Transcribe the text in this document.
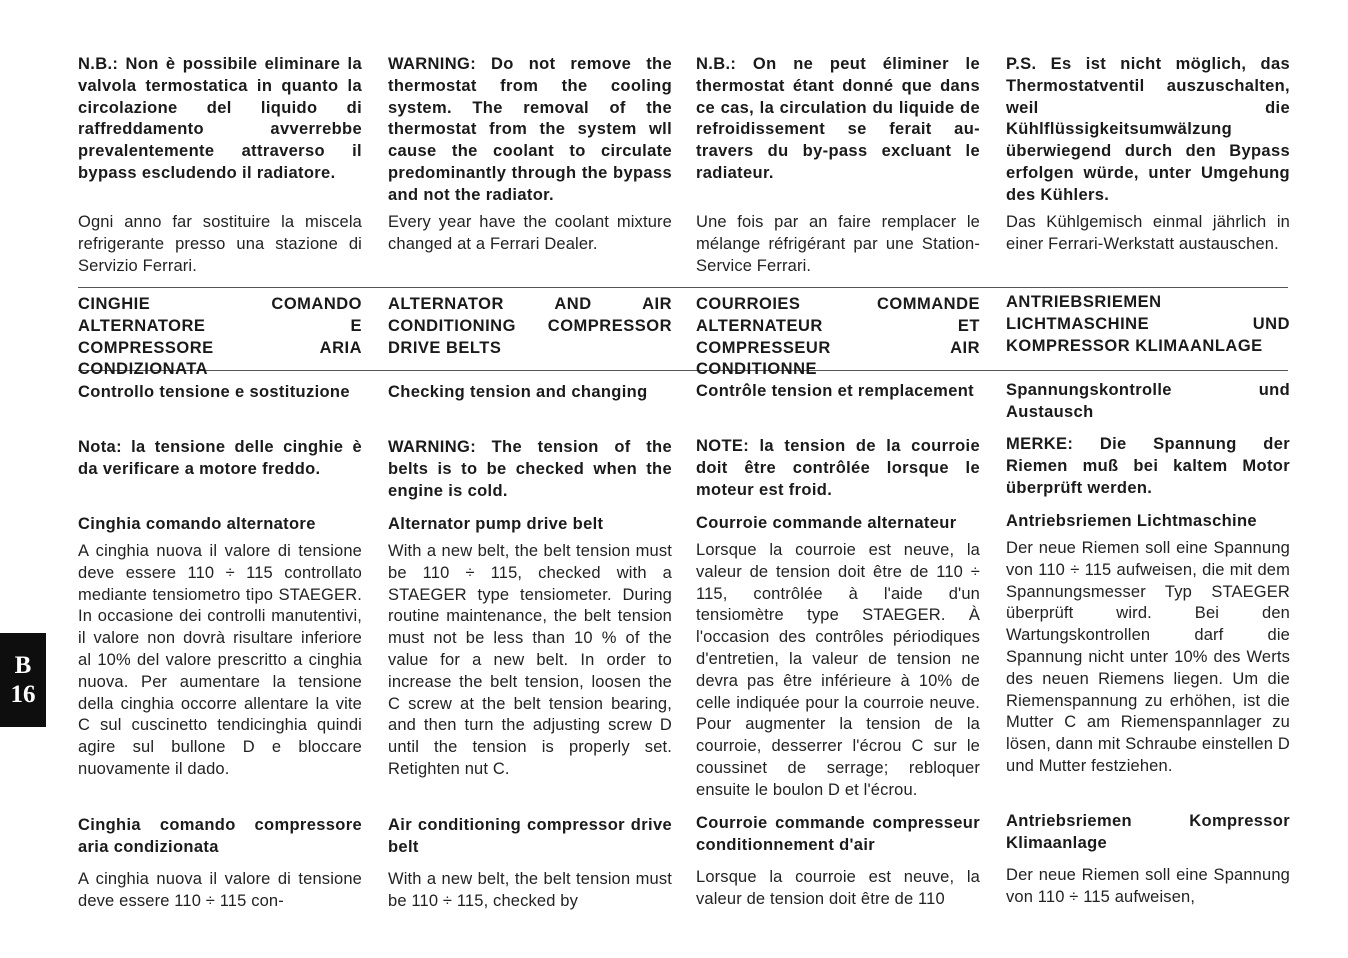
B
16

N.B.: Non è possibile eliminare la valvola termostatica in quanto la circolazione del liquido di raffreddamento avverrebbe prevalentemente attraverso il bypass escludendo il radiatore.

Ogni anno far sostituire la miscela refrigerante presso una stazione di Servizio Ferrari.

CINGHIE COMANDO ALTERNATORE E COMPRESSORE ARIA CONDIZIONATA

Controllo tensione e sostituzione

Nota: la tensione delle cinghie è da verificare a motore freddo.

Cinghia comando alternatore

A cinghia nuova il valore di tensione deve essere 110 ÷ 115 controllato mediante tensiometro tipo STAEGER. In occasione dei controlli manutentivi, il valore non dovrà risultare inferiore al 10% del valore prescritto a cinghia nuova. Per aumentare la tensione della cinghia occorre allentare la vite C sul cuscinetto tendicinghia quindi agire sul bullone D e bloccare nuovamente il dado.

Cinghia comando compressore aria condizionata

A cinghia nuova il valore di tensione deve essere 110 ÷ 115 con-

WARNING: Do not remove the thermostat from the cooling system. The removal of the thermostat from the system wll cause the coolant to circulate predominantly through the bypass and not the radiator.

Every year have the coolant mixture changed at a Ferrari Dealer.

ALTERNATOR AND AIR CONDITIONING COMPRESSOR DRIVE BELTS

Checking tension and changing

WARNING: The tension of the belts is to be checked when the engine is cold.

Alternator pump drive belt

With a new belt, the belt tension must be 110 ÷ 115, checked with a STAEGER type tensiometer. During routine maintenance, the belt tension must not be less than 10 % of the value for a new belt. In order to increase the belt tension, loosen the C screw at the belt tension bearing, and then turn the adjusting screw D until the tension is properly set. Retighten nut C.

Air conditioning compressor drive belt

With a new belt, the belt tension must be 110 ÷ 115, checked by

N.B.: On ne peut éliminer le thermostat étant donné que dans ce cas, la circulation du liquide de refroidissement se ferait au-travers du by-pass excluant le radiateur.

Une fois par an faire remplacer le mélange réfrigérant par une Station-Service Ferrari.

COURROIES COMMANDE ALTERNATEUR ET COMPRESSEUR AIR CONDITIONNE

Contrôle tension et remplacement

NOTE: la tension de la courroie doit être contrôlée lorsque le moteur est froid.

Courroie commande alternateur

Lorsque la courroie est neuve, la valeur de tension doit être de 110 ÷ 115, contrôlée à l'aide d'un tensiomètre type STAEGER. À l'occasion des contrôles périodiques d'entretien, la valeur de tension ne devra pas être inférieure à 10% de celle indiquée pour la courroie neuve. Pour augmenter la tension de la courroie, desserrer l'écrou C sur le coussinet de serrage; rebloquer ensuite le boulon D et l'écrou.

Courroie commande compresseur conditionnement d'air

Lorsque la courroie est neuve, la valeur de tension doit être de 110

P.S. Es ist nicht möglich, das Thermostatventil auszuschalten, weil die Kühlflüssigkeitsumwälzung überwiegend durch den Bypass erfolgen würde, unter Umgehung des Kühlers.

Das Kühlgemisch einmal jährlich in einer Ferrari-Werkstatt austauschen.

ANTRIEBSRIEMEN LICHTMASCHINE UND KOMPRESSOR KLIMAANLAGE

Spannungskontrolle und Austausch

MERKE: Die Spannung der Riemen muß bei kaltem Motor überprüft werden.

Antriebsriemen Lichtmaschine

Der neue Riemen soll eine Spannung von 110 ÷ 115 aufweisen, die mit dem Spannungsmesser Typ STAEGER überprüft wird. Bei den Wartungskontrollen darf die Spannung nicht unter 10% des Werts des neuen Riemens liegen. Um die Riemenspannung zu erhöhen, ist die Mutter C am Riemenspannlager zu lösen, dann mit Schraube einstellen D und Mutter festziehen.

Antriebsriemen Kompressor Klimaanlage

Der neue Riemen soll eine Spannung von 110 ÷ 115 aufweisen,
